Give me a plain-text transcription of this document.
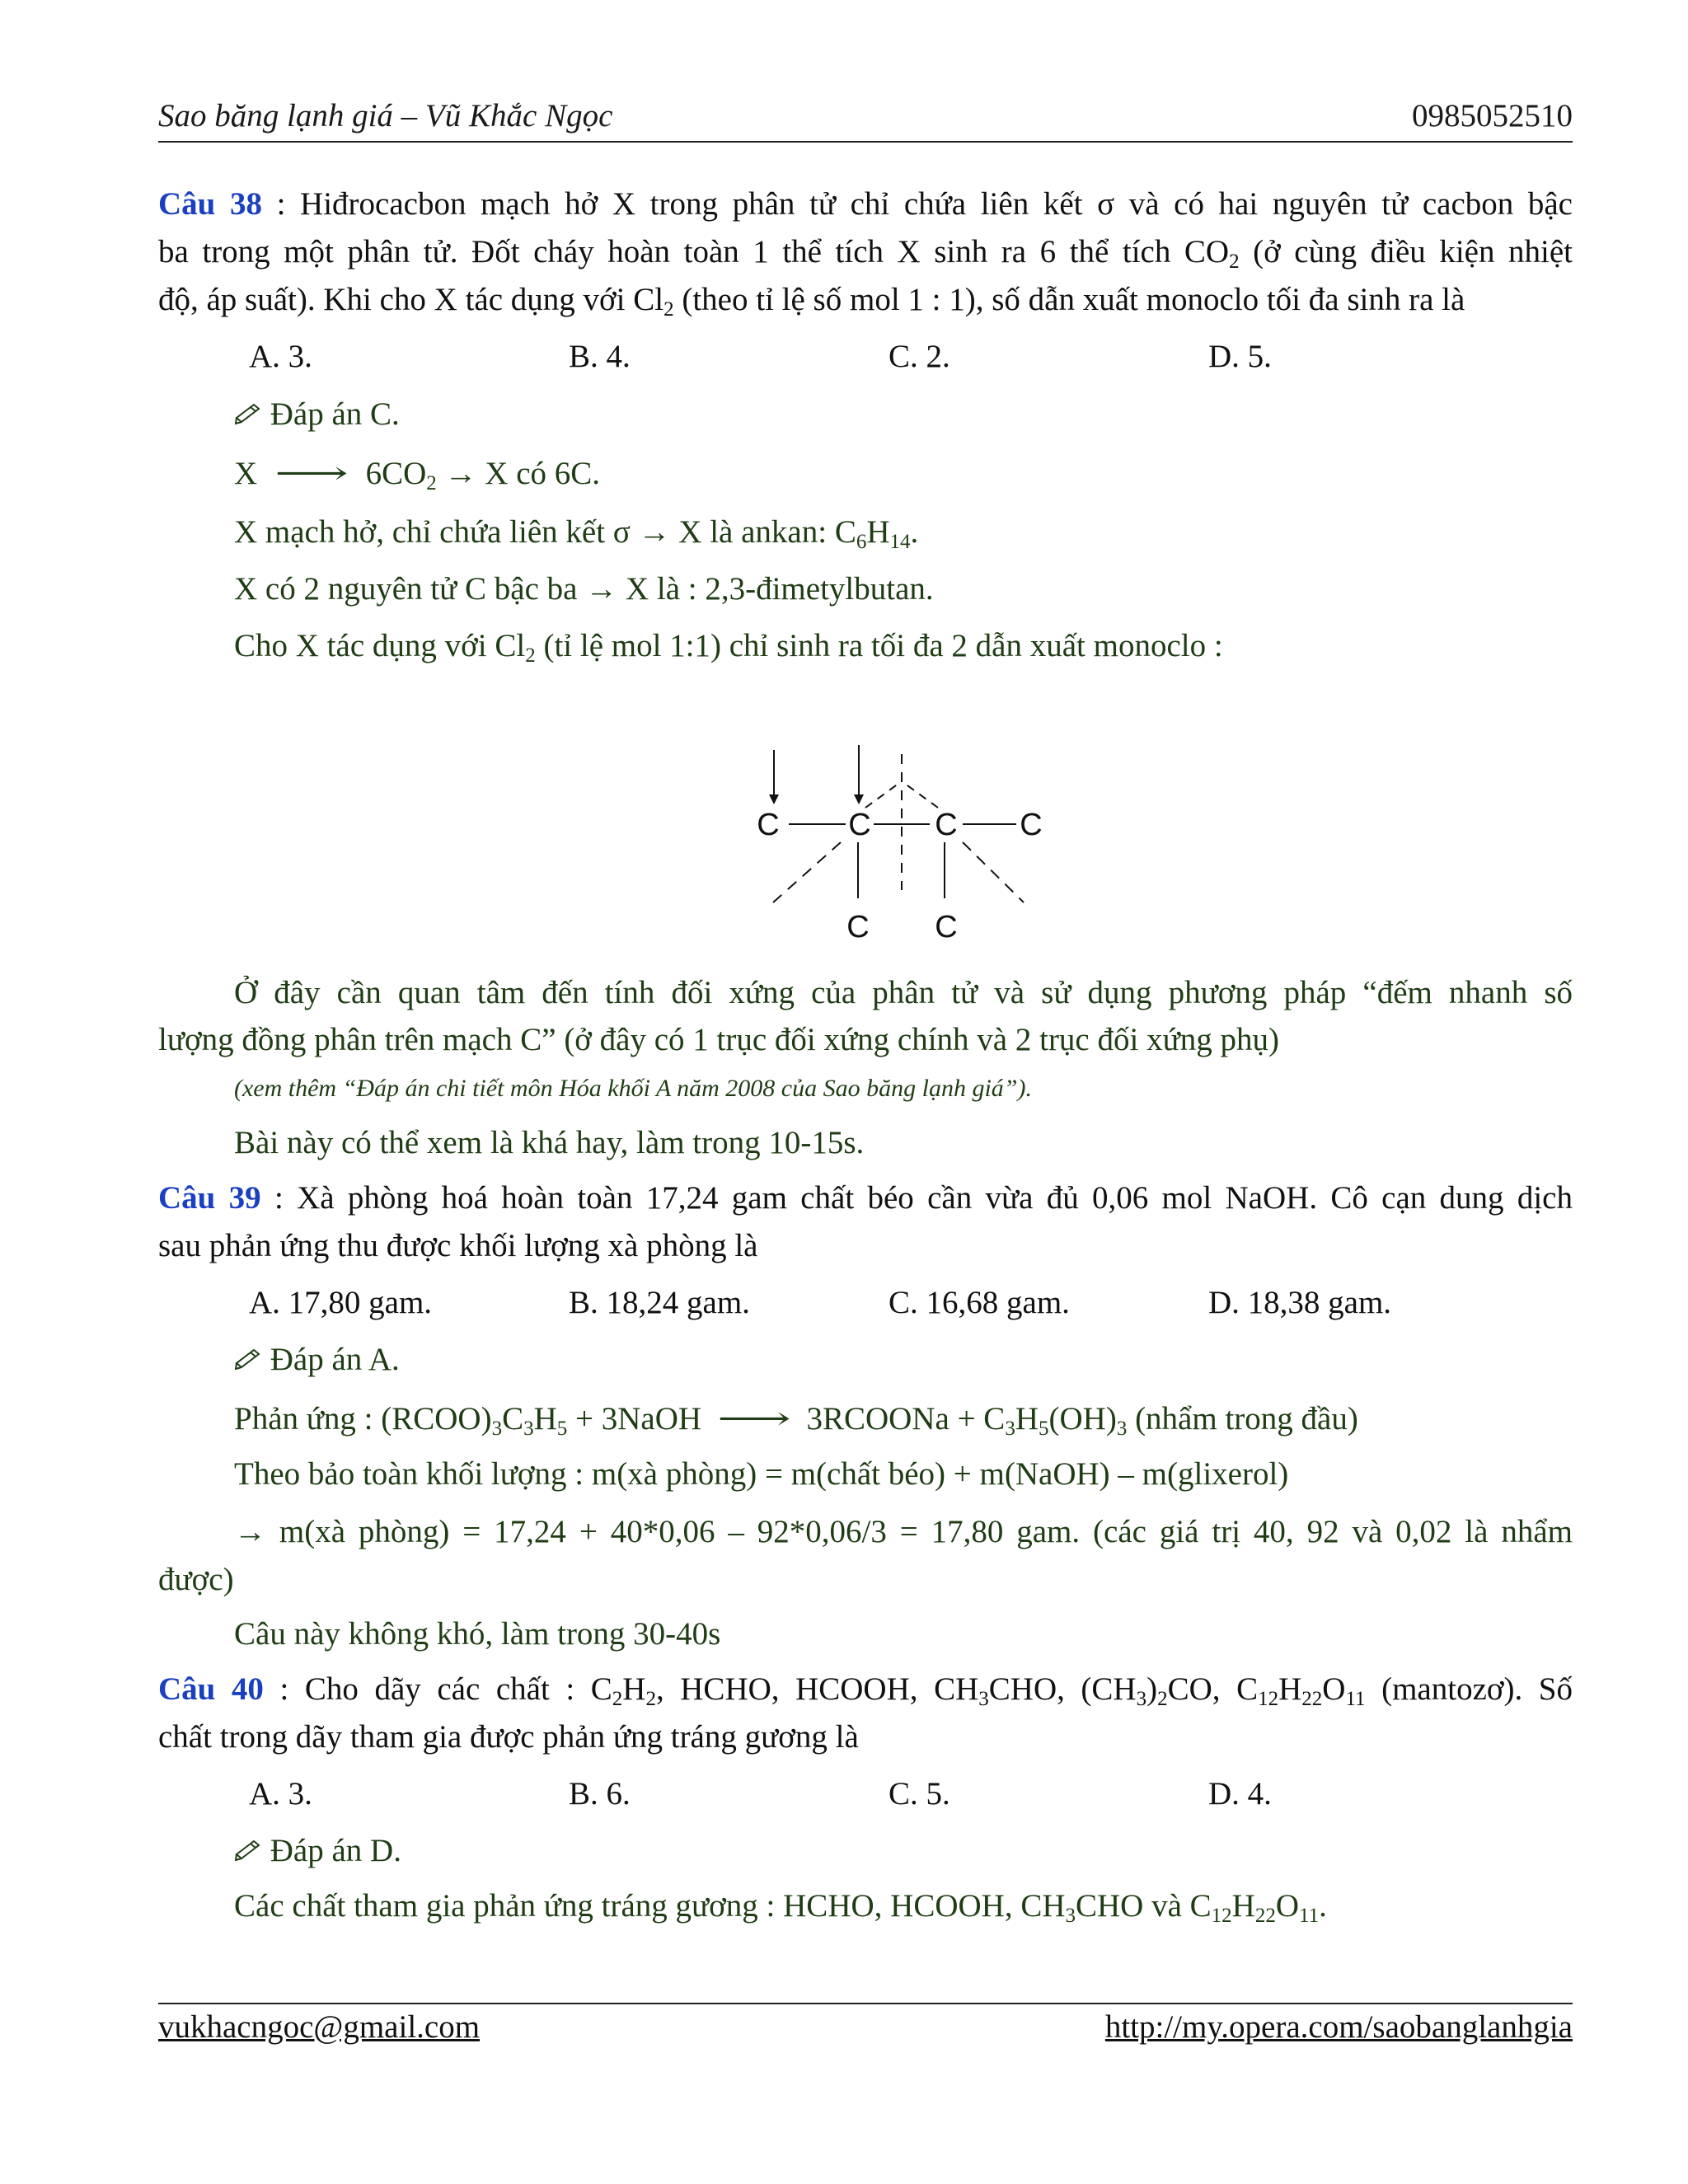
Sao băng lạnh giá – Vũ Khắc Ngọc	0985052510
Câu 38 : Hiđrocacbon mạch hở X trong phân tử chỉ chứa liên kết σ và có hai nguyên tử cacbon bậc
ba trong một phân tử. Đốt cháy hoàn toàn 1 thể tích X sinh ra 6 thể tích $CO_2$ (ở cùng điều kiện nhiệt
độ, áp suất). Khi cho X tác dụng với $Cl_2$ (theo tỉ lệ số mol 1 : 1), số dẫn xuất monoclo tối đa sinh ra là
A. 3.	B. 4.	C. 2.	D. 5.
Đáp án C.
X ⟶ $6CO_2 \to X$ có 6C.
X mạch hở, chỉ chứa liên kết σ → X là ankan: $C_6H_{14}$.
X có 2 nguyên tử C bậc ba → X là : 2,3-đimetylbutan.
Cho X tác dụng với $Cl_2$ (tỉ lệ mol 1:1) chỉ sinh ra tối đa 2 dẫn xuất monoclo :
C C C C
C C
Ở đây cần quan tâm đến tính đối xứng của phân tử và sử dụng phương pháp “đếm nhanh số
lượng đồng phân trên mạch C” (ở đây có 1 trục đối xứng chính và 2 trục đối xứng phụ)
(xem thêm “Đáp án chi tiết môn Hóa khối A năm 2008 của Sao băng lạnh giá”).
Bài này có thể xem là khá hay, làm trong 10-15s.
Câu 39 : Xà phòng hoá hoàn toàn 17,24 gam chất béo cần vừa đủ 0,06 mol NaOH. Cô cạn dung dịch
sau phản ứng thu được khối lượng xà phòng là
A. 17,80 gam.	B. 18,24 gam.	C. 16,68 gam.	D. 18,38 gam.
Đáp án A.
Phản ứng : $(RCOO)_3C_3H_5$ + 3NaOH ⟶ 3RCOONa + $C_3H_5(OH)_3$ (nhẩm trong đầu)
Theo bảo toàn khối lượng : m(xà phòng) = m(chất béo) + m(NaOH) – m(glixerol)
→ m(xà phòng) = 17,24 + 40*0,06 – 92*0,06/3 = 17,80 gam. (các giá trị 40, 92 và 0,02 là nhẩm
được)
Câu này không khó, làm trong 30-40s
Câu 40 : Cho dãy các chất : $C_2H_2$, HCHO, HCOOH, $CH_3CHO$, $(CH_3)_2CO$, $C_{12}H_{22}O_{11}$ (mantozơ). Số
chất trong dãy tham gia được phản ứng tráng gương là
A. 3.	B. 6.	C. 5.	D. 4.
Đáp án D.
Các chất tham gia phản ứng tráng gương : HCHO, HCOOH, $CH_3CHO$ và $C_{12}H_{22}O_{11}$.
vukhacngoc@gmail.com	http://my.opera.com/saobanglanhgia
